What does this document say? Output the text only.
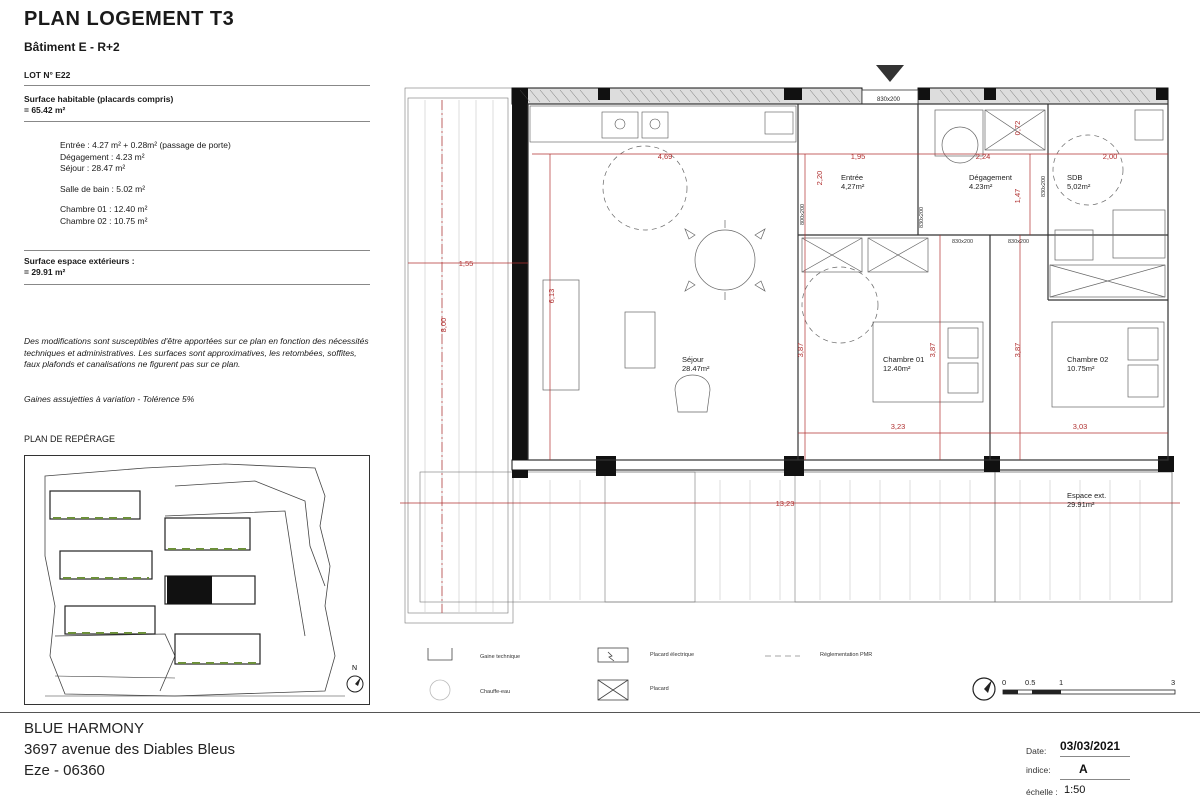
PLAN LOGEMENT T3
Bâtiment E - R+2
LOT N° E22
Surface habitable (placards compris)
= 65.42 m²
Entrée : 4.27 m² + 0.28m² (passage de porte)
Dégagement : 4.23 m²
Séjour : 28.47 m²
Salle de bain : 5.02 m²
Chambre 01 : 12.40 m²
Chambre 02 : 10.75 m²
Surface espace extérieurs :
= 29.91 m²
Des modifications sont susceptibles d'être apportées sur ce plan en fonction des nécessités techniques et administratives. Les surfaces sont approximatives, les retombées, soffites, faux plafonds et canalisations ne figurent pas sur ce plan.
Gaines assujetties à variation - Tolérence 5%
PLAN DE REPÉRAGE
N
830x200
4,69	1,95	2,24	2,00
1,55
8,00
6,13
2,20
1,47
3,87	3,87	3,87
3,23	3,03
13,23
0,72
800x200	830x200
830x200	830x200
830x200
Séjour
28.47m²
Entrée
4,27m²
Dégagement
4.23m²
SDB
5,02m²
Chambre 01
12.40m²
Chambre 02
10.75m²
Espace ext.
29.91m²
Gaine technique
Chauffe-eau
Placard électrique
Placard
Réglementation PMR
0	0.5	1	3
BLUE HARMONY
3697 avenue des Diables Bleus
Eze - 06360
Date: 03/03/2021
indice: A
échelle : 1:50
